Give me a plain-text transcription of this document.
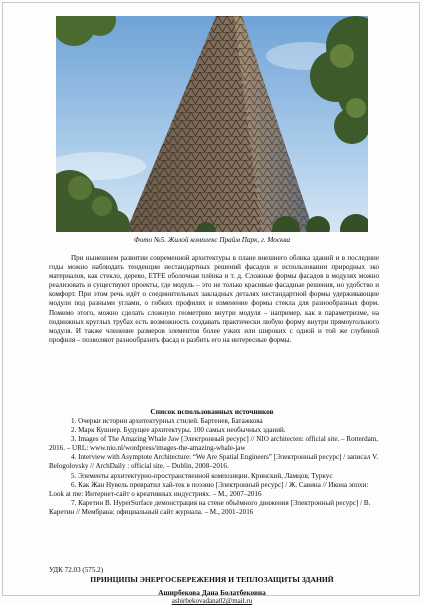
Фото №5. Жилой комплекс Прайм Парк, г. Москва

При нынешнем развитии современной архитектуры в плане внешнего облика зданий и в последние годы можно наблюдать тенденции нестандартных решений фасадов и использовании природных эко материалов, как стекло, дерево, ETFE оболочная плёнка и т. д. Сложные формы фасадов в модулях можно реализовать и существуют проекты, где модуль – это не только красивые фасадные решения, но удобство и комфорт. При этом речь идёт о соединительных закладных деталях нестандартной формы удерживающие модули под разными углами, о гибких профилях и изменение формы стекла для разнообразных форм. Помимо этого, можно сделать сложную геометрию внутри модуля – например, как в параметризме, на подвижных круглых трубах есть возможность создавать практически любую форму внутри прямоугольного модуля. И также членение размеров элементов более узких или широких с одной и той же глубиной профиля – позволяют разнообразить фасад и разбить его на интересные формы.

Список использованных источников
1. Очерки истории архитектурных стилей. Бартенев, Батажкова
2. Марк Кушнер. Будущее архитектуры. 100 самых необычных зданий.
3. Images of The Amazing Whale Jaw [Электронный ресурс] // NIO architecten: official site. – Rotterdam, 2016. – URL: www.nio.nl/wordpress/images-the-amazing-whale-jaw
4. Interview with Asymptote Architecture: “We Are Spatial Engineers” [Электронный ресурс] / записал V. Belogolovsky // ArchDaily : official site. – Dublin, 2008–2016.
5. Элементы архитектурно-пространственной композиции. Кринский, Ламцов, Туркус
6. Как Жан Нувель превратил хай-тек в поэзию [Электронный ресурс] / Ж. Савина // Икона эпохи: Look at me: Интернет-сайт о креативных индустриях. – М., 2007–2016
7. Каретин В. HyperSurface демонстрация на стене объёмного движения [Электронный ресурс] / В. Каретин // Мембрана: официальный сайт журнала. – М., 2001–2016
УДК 72.03 (575.2)
ПРИНЦИПЫ ЭНЕРГОСБЕРЕЖЕНИЯ И ТЕПЛОЗАЩИТЫ ЗДАНИЙ
Аширбекова Дана Болатбековна
ashirbekovadana02@mail.ru
